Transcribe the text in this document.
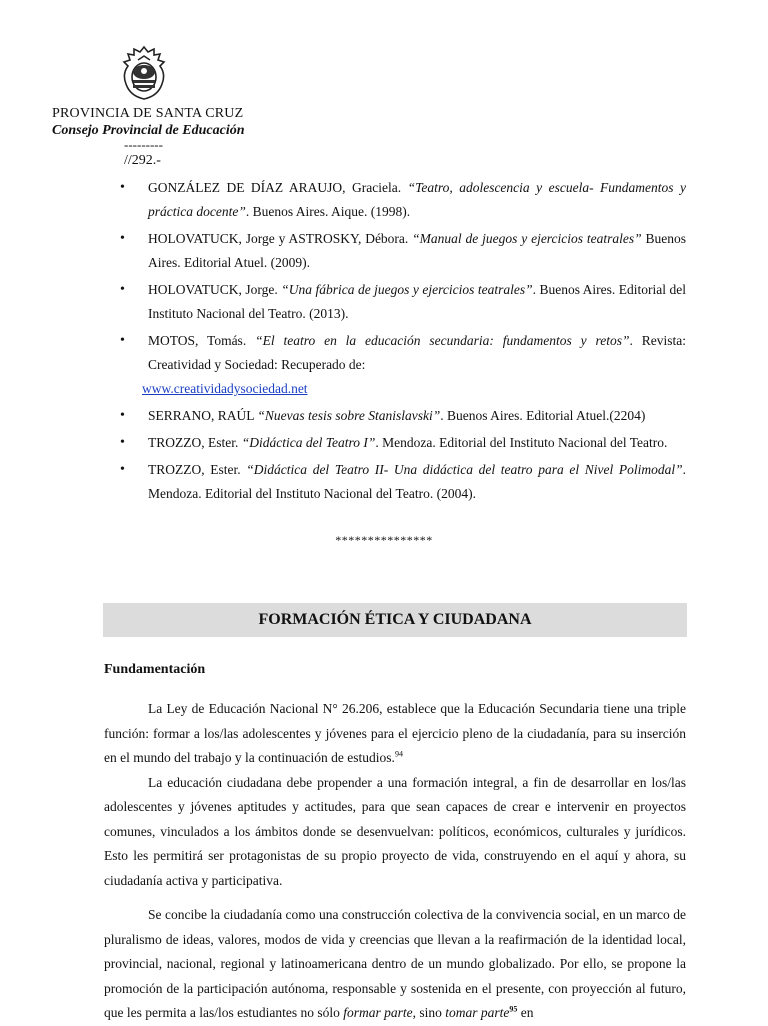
PROVINCIA DE SANTA CRUZ
Consejo Provincial de Educación
---------
//292.-
• GONZÁLEZ DE DÍAZ ARAUJO, Graciela. “Teatro, adolescencia y escuela- Fundamentos y práctica docente”. Buenos Aires. Aique. (1998).
• HOLOVATUCK, Jorge y ASTROSKY, Débora. “Manual de juegos y ejercicios teatrales” Buenos Aires. Editorial Atuel. (2009).
• HOLOVATUCK, Jorge. “Una fábrica de juegos y ejercicios teatrales”. Buenos Aires. Editorial del Instituto Nacional del Teatro. (2013).
• MOTOS, Tomás. “El teatro en la educación secundaria: fundamentos y retos”. Revista: Creatividad y Sociedad: Recuperado de:
www.creatividadysociedad.net
• SERRANO, RAÚL “Nuevas tesis sobre Stanislavski”. Buenos Aires. Editorial Atuel.(2204)
• TROZZO, Ester. “Didáctica del Teatro I”. Mendoza. Editorial del Instituto Nacional del Teatro.
• TROZZO, Ester. “Didáctica del Teatro II- Una didáctica del teatro para el Nivel Polimodal”. Mendoza. Editorial del Instituto Nacional del Teatro. (2004).
***************
FORMACIÓN ÉTICA Y CIUDADANA
Fundamentación

La Ley de Educación Nacional N° 26.206, establece que la Educación Secundaria tiene una triple función: formar a los/las adolescentes y jóvenes para el ejercicio pleno de la ciudadanía, para su inserción en el mundo del trabajo y la continuación de estudios.$^{94}$

La educación ciudadana debe propender a una formación integral, a fin de desarrollar en los/las adolescentes y jóvenes aptitudes y actitudes, para que sean capaces de crear e intervenir en proyectos comunes, vinculados a los ámbitos donde se desenvuelvan: políticos, económicos, culturales y jurídicos. Esto les permitirá ser protagonistas de su propio proyecto de vida, construyendo en el aquí y ahora, su ciudadanía activa y participativa.

Se concibe la ciudadanía como una construcción colectiva de la convivencia social, en un marco de pluralismo de ideas, valores, modos de vida y creencias que llevan a la reafirmación de la identidad local, provincial, nacional, regional y latinoamericana dentro de un mundo globalizado. Por ello, se propone la promoción de la participación autónoma, responsable y sostenida en el presente, con proyección al futuro, que les permita a las/los estudiantes no sólo formar parte, sino tomar parte$^{95}$ en
